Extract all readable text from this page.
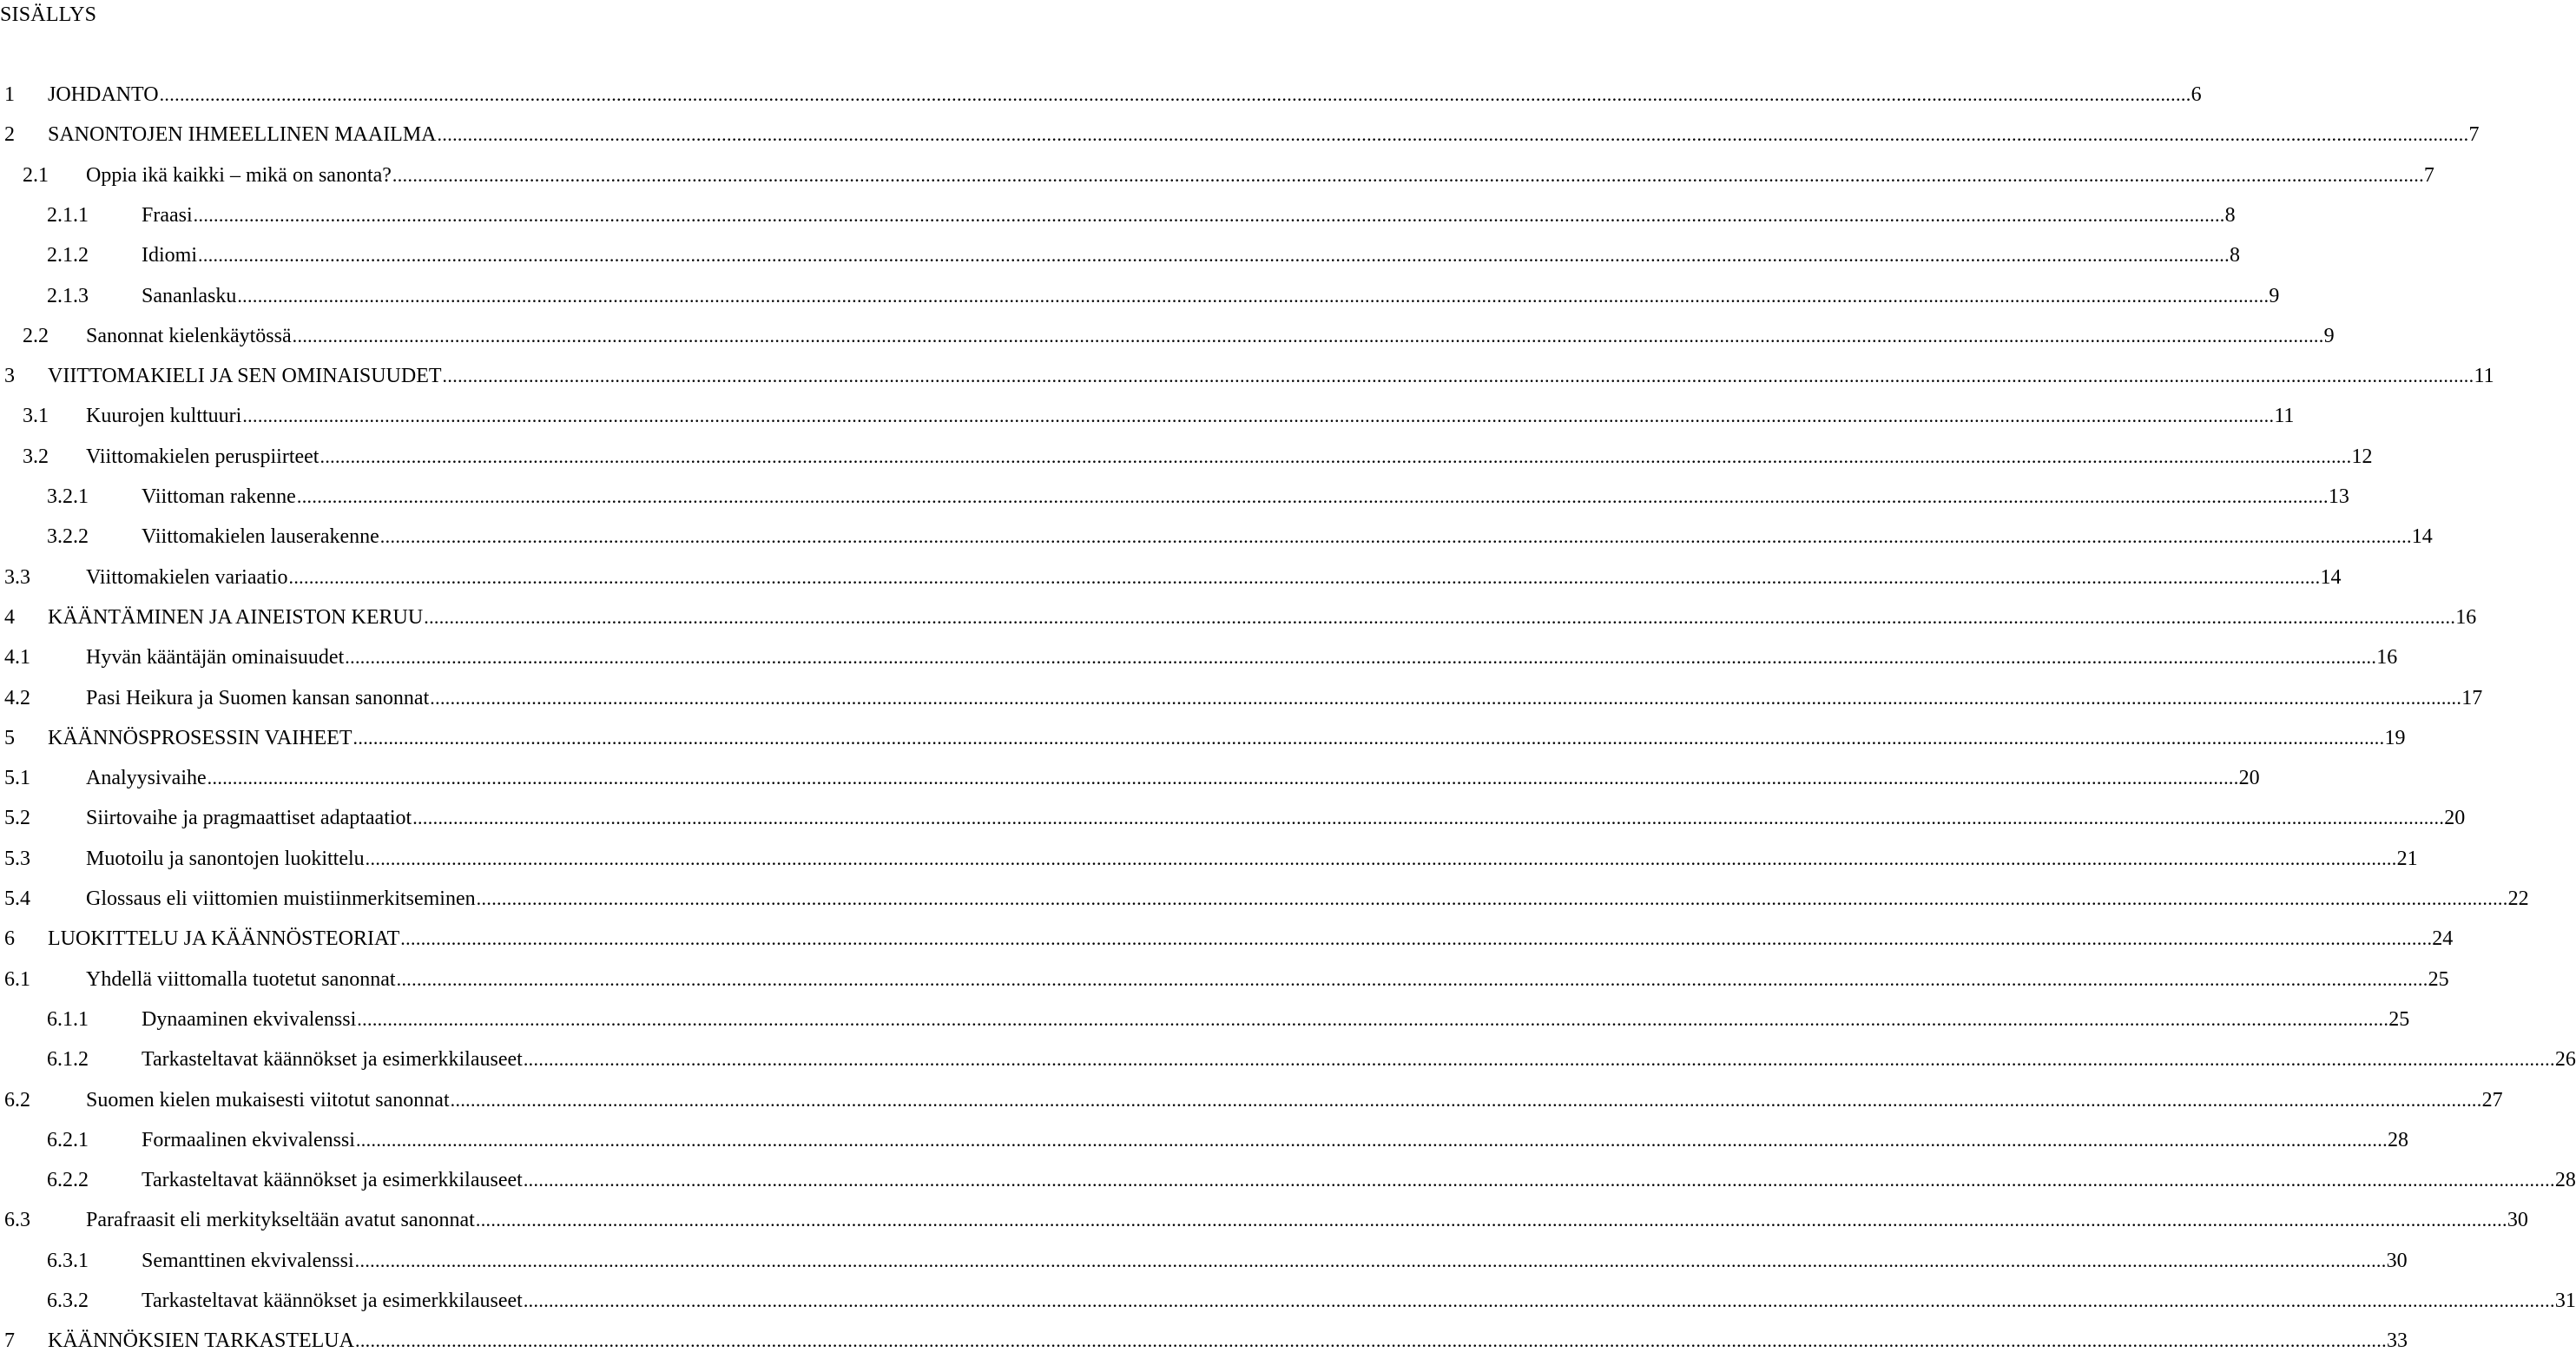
SISÄLLYS
1 JOHDANTO ................................................................................................................................................................................................................................................................................................................................................................................................................ 6
2 SANONTOJEN IHMEELLINEN MAAILMA ................................................................................................................................................................................................................................................................................................................................................................................................................ 7
2.1 Oppia ikä kaikki – mikä on sanonta? ................................................................................................................................................................................................................................................................................................................................................................................................................ 7
2.1.1	Fraasi ................................................................................................................................................................................................................................................................................................................................................................................................................ 8
2.1.2	Idiomi ................................................................................................................................................................................................................................................................................................................................................................................................................ 8
2.1.3	Sananlasku ................................................................................................................................................................................................................................................................................................................................................................................................................ 9
2.2 Sanonnat kielenkäytössä ................................................................................................................................................................................................................................................................................................................................................................................................................ 9
3 VIITTOMAKIELI JA SEN OMINAISUUDET ................................................................................................................................................................................................................................................................................................................................................................................................................ 11
3.1 Kuurojen kulttuuri ................................................................................................................................................................................................................................................................................................................................................................................................................ 11
3.2 Viittomakielen peruspiirteet ................................................................................................................................................................................................................................................................................................................................................................................................................ 12
3.2.1	Viittoman rakenne ................................................................................................................................................................................................................................................................................................................................................................................................................ 13
3.2.2	Viittomakielen lauserakenne ................................................................................................................................................................................................................................................................................................................................................................................................................ 14
3.3	Viittomakielen variaatio ................................................................................................................................................................................................................................................................................................................................................................................................................ 14
4 KÄÄNTÄMINEN JA AINEISTON KERUU ................................................................................................................................................................................................................................................................................................................................................................................................................ 16
4.1	Hyvän kääntäjän ominaisuudet ................................................................................................................................................................................................................................................................................................................................................................................................................ 16
4.2	Pasi Heikura ja Suomen kansan sanonnat ................................................................................................................................................................................................................................................................................................................................................................................................................ 17
5 KÄÄNNÖSPROSESSIN VAIHEET ................................................................................................................................................................................................................................................................................................................................................................................................................ 19
5.1	Analyysivaihe ................................................................................................................................................................................................................................................................................................................................................................................................................ 20
5.2	Siirtovaihe ja pragmaattiset adaptaatiot ................................................................................................................................................................................................................................................................................................................................................................................................................ 20
5.3	Muotoilu ja sanontojen luokittelu ................................................................................................................................................................................................................................................................................................................................................................................................................ 21
5.4	Glossaus eli viittomien muistiinmerkitseminen ................................................................................................................................................................................................................................................................................................................................................................................................................ 22
6 LUOKITTELU JA KÄÄNNÖSTEORIAT ................................................................................................................................................................................................................................................................................................................................................................................................................ 24
6.1	Yhdellä viittomalla tuotetut sanonnat ................................................................................................................................................................................................................................................................................................................................................................................................................ 25
6.1.1	Dynaaminen ekvivalenssi ................................................................................................................................................................................................................................................................................................................................................................................................................ 25
6.1.2	Tarkasteltavat käännökset ja esimerkkilauseet ................................................................................................................................................................................................................................................................................................................................................................................................................ 26
6.2	Suomen kielen mukaisesti viitotut sanonnat ................................................................................................................................................................................................................................................................................................................................................................................................................ 27
6.2.1	Formaalinen ekvivalenssi ................................................................................................................................................................................................................................................................................................................................................................................................................ 28
6.2.2	Tarkasteltavat käännökset ja esimerkkilauseet ................................................................................................................................................................................................................................................................................................................................................................................................................ 28
6.3	Parafraasit eli merkitykseltään avatut sanonnat ................................................................................................................................................................................................................................................................................................................................................................................................................ 30
6.3.1	Semanttinen ekvivalenssi ................................................................................................................................................................................................................................................................................................................................................................................................................ 30
6.3.2	Tarkasteltavat käännökset ja esimerkkilauseet ................................................................................................................................................................................................................................................................................................................................................................................................................ 31
7 KÄÄNNÖKSIEN TARKASTELUA ................................................................................................................................................................................................................................................................................................................................................................................................................ 33
